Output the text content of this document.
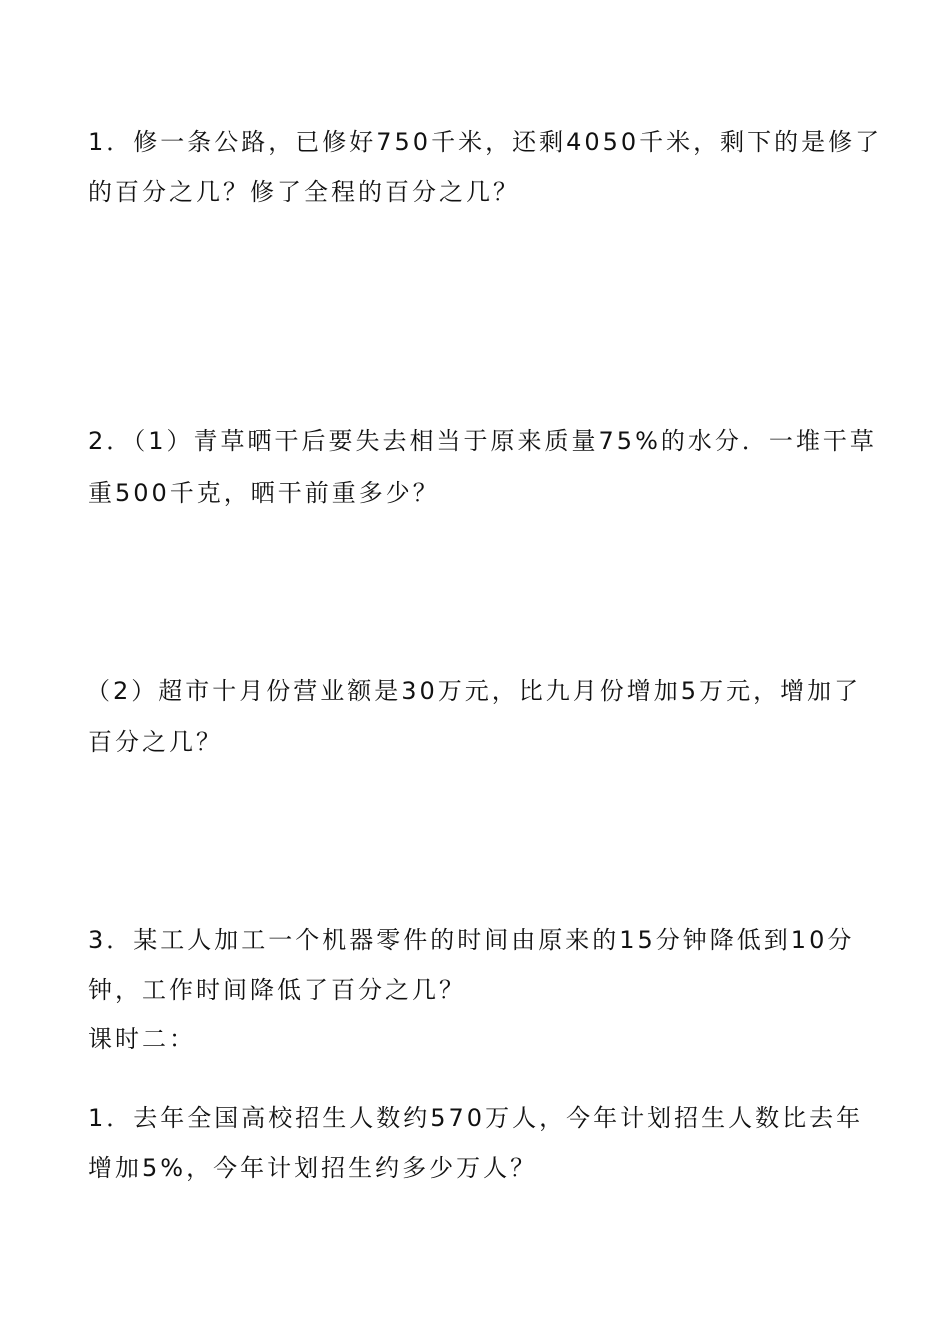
1．修一条公路，已修好750千米，还剩4050千米，剩下的是修了
的百分之几？修了全程的百分之几？
2．（1）青草晒干后要失去相当于原来质量75%的水分．一堆干草
重500千克，晒干前重多少？
（2）超市十月份营业额是30万元，比九月份增加5万元，增加了
百分之几？
3．某工人加工一个机器零件的时间由原来的15分钟降低到10分
钟，工作时间降低了百分之几？
课时二：
1．去年全国高校招生人数约570万人，今年计划招生人数比去年
增加5%，今年计划招生约多少万人？
